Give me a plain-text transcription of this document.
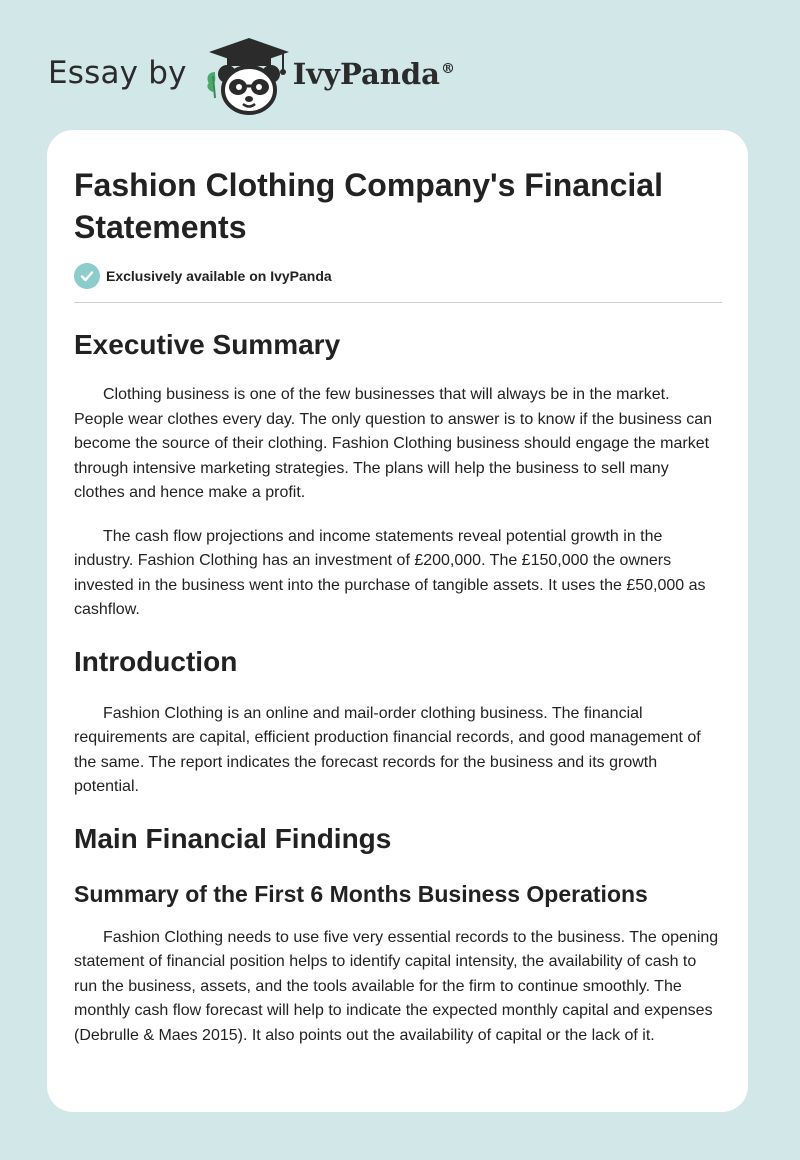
Essay by	IvyPanda®
Fashion Clothing Company's Financial Statements
Exclusively available on IvyPanda
Executive Summary

Clothing business is one of the few businesses that will always be in the market. People wear clothes every day. The only question to answer is to know if the business can become the source of their clothing. Fashion Clothing business should engage the market through intensive marketing strategies. The plans will help the business to sell many clothes and hence make a profit.

The cash flow projections and income statements reveal potential growth in the industry. Fashion Clothing has an investment of £200,000. The £150,000 the owners invested in the business went into the purchase of tangible assets. It uses the £50,000 as cashflow.

Introduction

Fashion Clothing is an online and mail-order clothing business. The financial requirements are capital, efficient production financial records, and good management of the same. The report indicates the forecast records for the business and its growth potential.

Main Financial Findings
Summary of the First 6 Months Business Operations

Fashion Clothing needs to use five very essential records to the business. The opening statement of financial position helps to identify capital intensity, the availability of cash to run the business, assets, and the tools available for the firm to continue smoothly. The monthly cash flow forecast will help to indicate the expected monthly capital and expenses (Debrulle & Maes 2015). It also points out the availability of capital or the lack of it.
